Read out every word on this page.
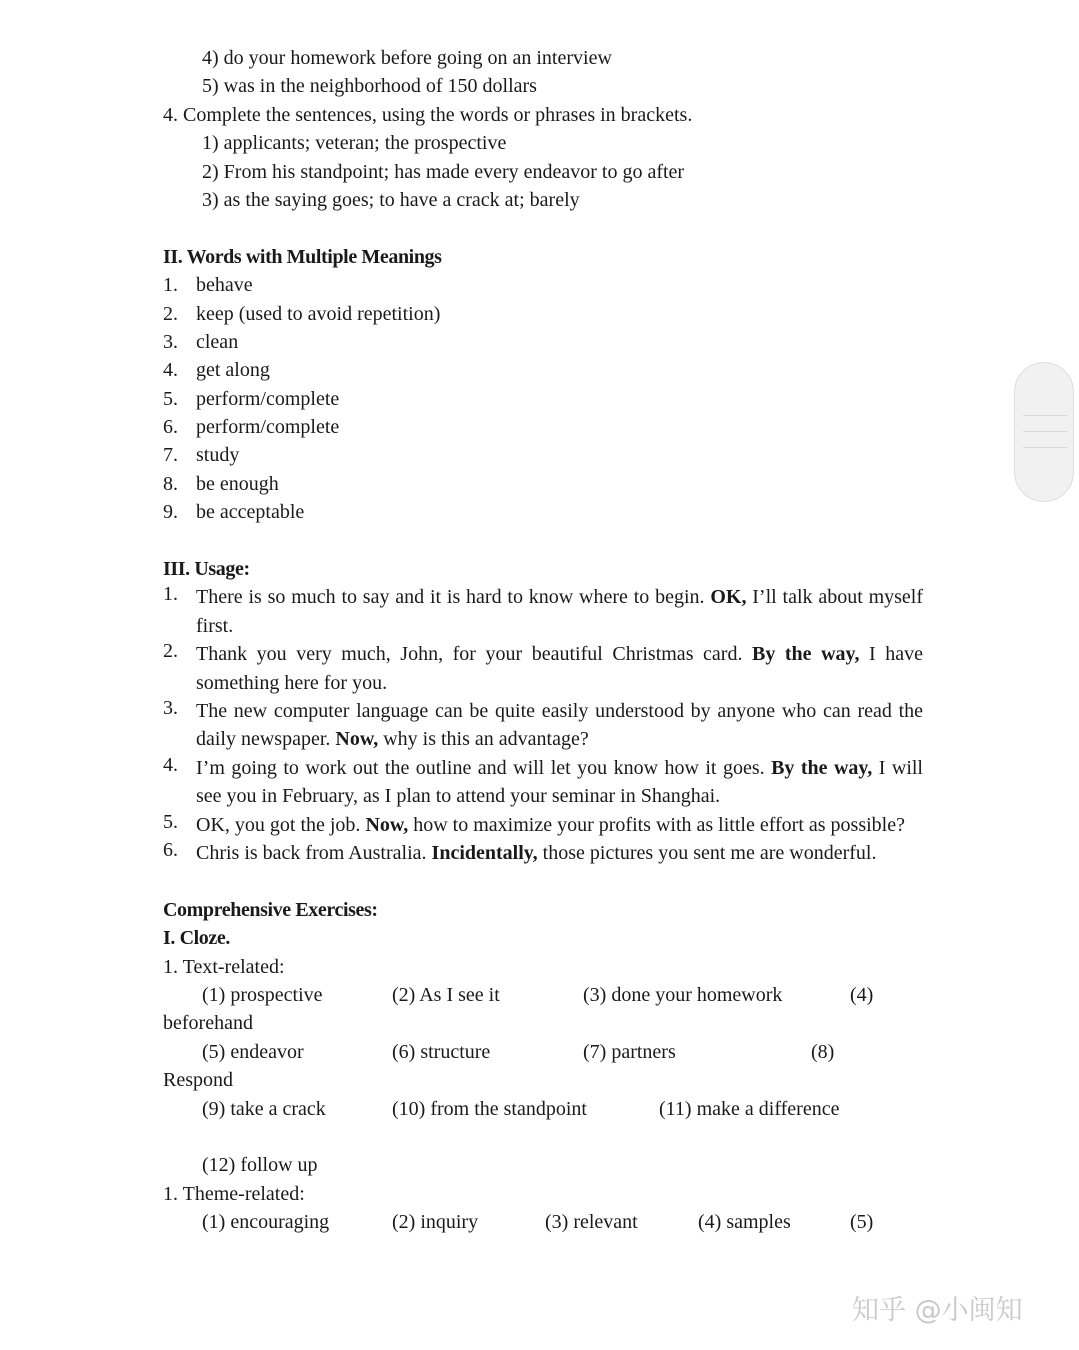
4) do your homework before going on an interview
5) was in the neighborhood of 150 dollars
4. Complete the sentences, using the words or phrases in brackets.
1) applicants; veteran; the prospective
2) From his standpoint; has made every endeavor to go after
3) as the saying goes; to have a crack at; barely
II. Words with Multiple Meanings
1. behave
2. keep (used to avoid repetition)
3. clean
4. get along
5. perform/complete
6. perform/complete
7. study
8. be enough
9. be acceptable
III. Usage:
1. There is so much to say and it is hard to know where to begin. OK, I’ll talk about myself first.
2. Thank you very much, John, for your beautiful Christmas card. By the way, I have something here for you.
3. The new computer language can be quite easily understood by anyone who can read the daily newspaper. Now, why is this an advantage?
4. I’m going to work out the outline and will let you know how it goes. By the way, I will see you in February, as I plan to attend your seminar in Shanghai.
5. OK, you got the job. Now, how to maximize your profits with as little effort as possible?
6. Chris is back from Australia. Incidentally, those pictures you sent me are wonderful.
Comprehensive Exercises:
I. Cloze.
1. Text-related:
(1) prospective	(2) As I see it	(3) done your homework	(4)
beforehand
(5) endeavor	(6) structure	(7) partners	(8)
Respond
(9) take a crack	(10) from the standpoint	(11) make a difference
(12) follow up
1. Theme-related:
(1) encouraging	(2) inquiry	(3) relevant	(4) samples	(5)
知乎 @小闽知
